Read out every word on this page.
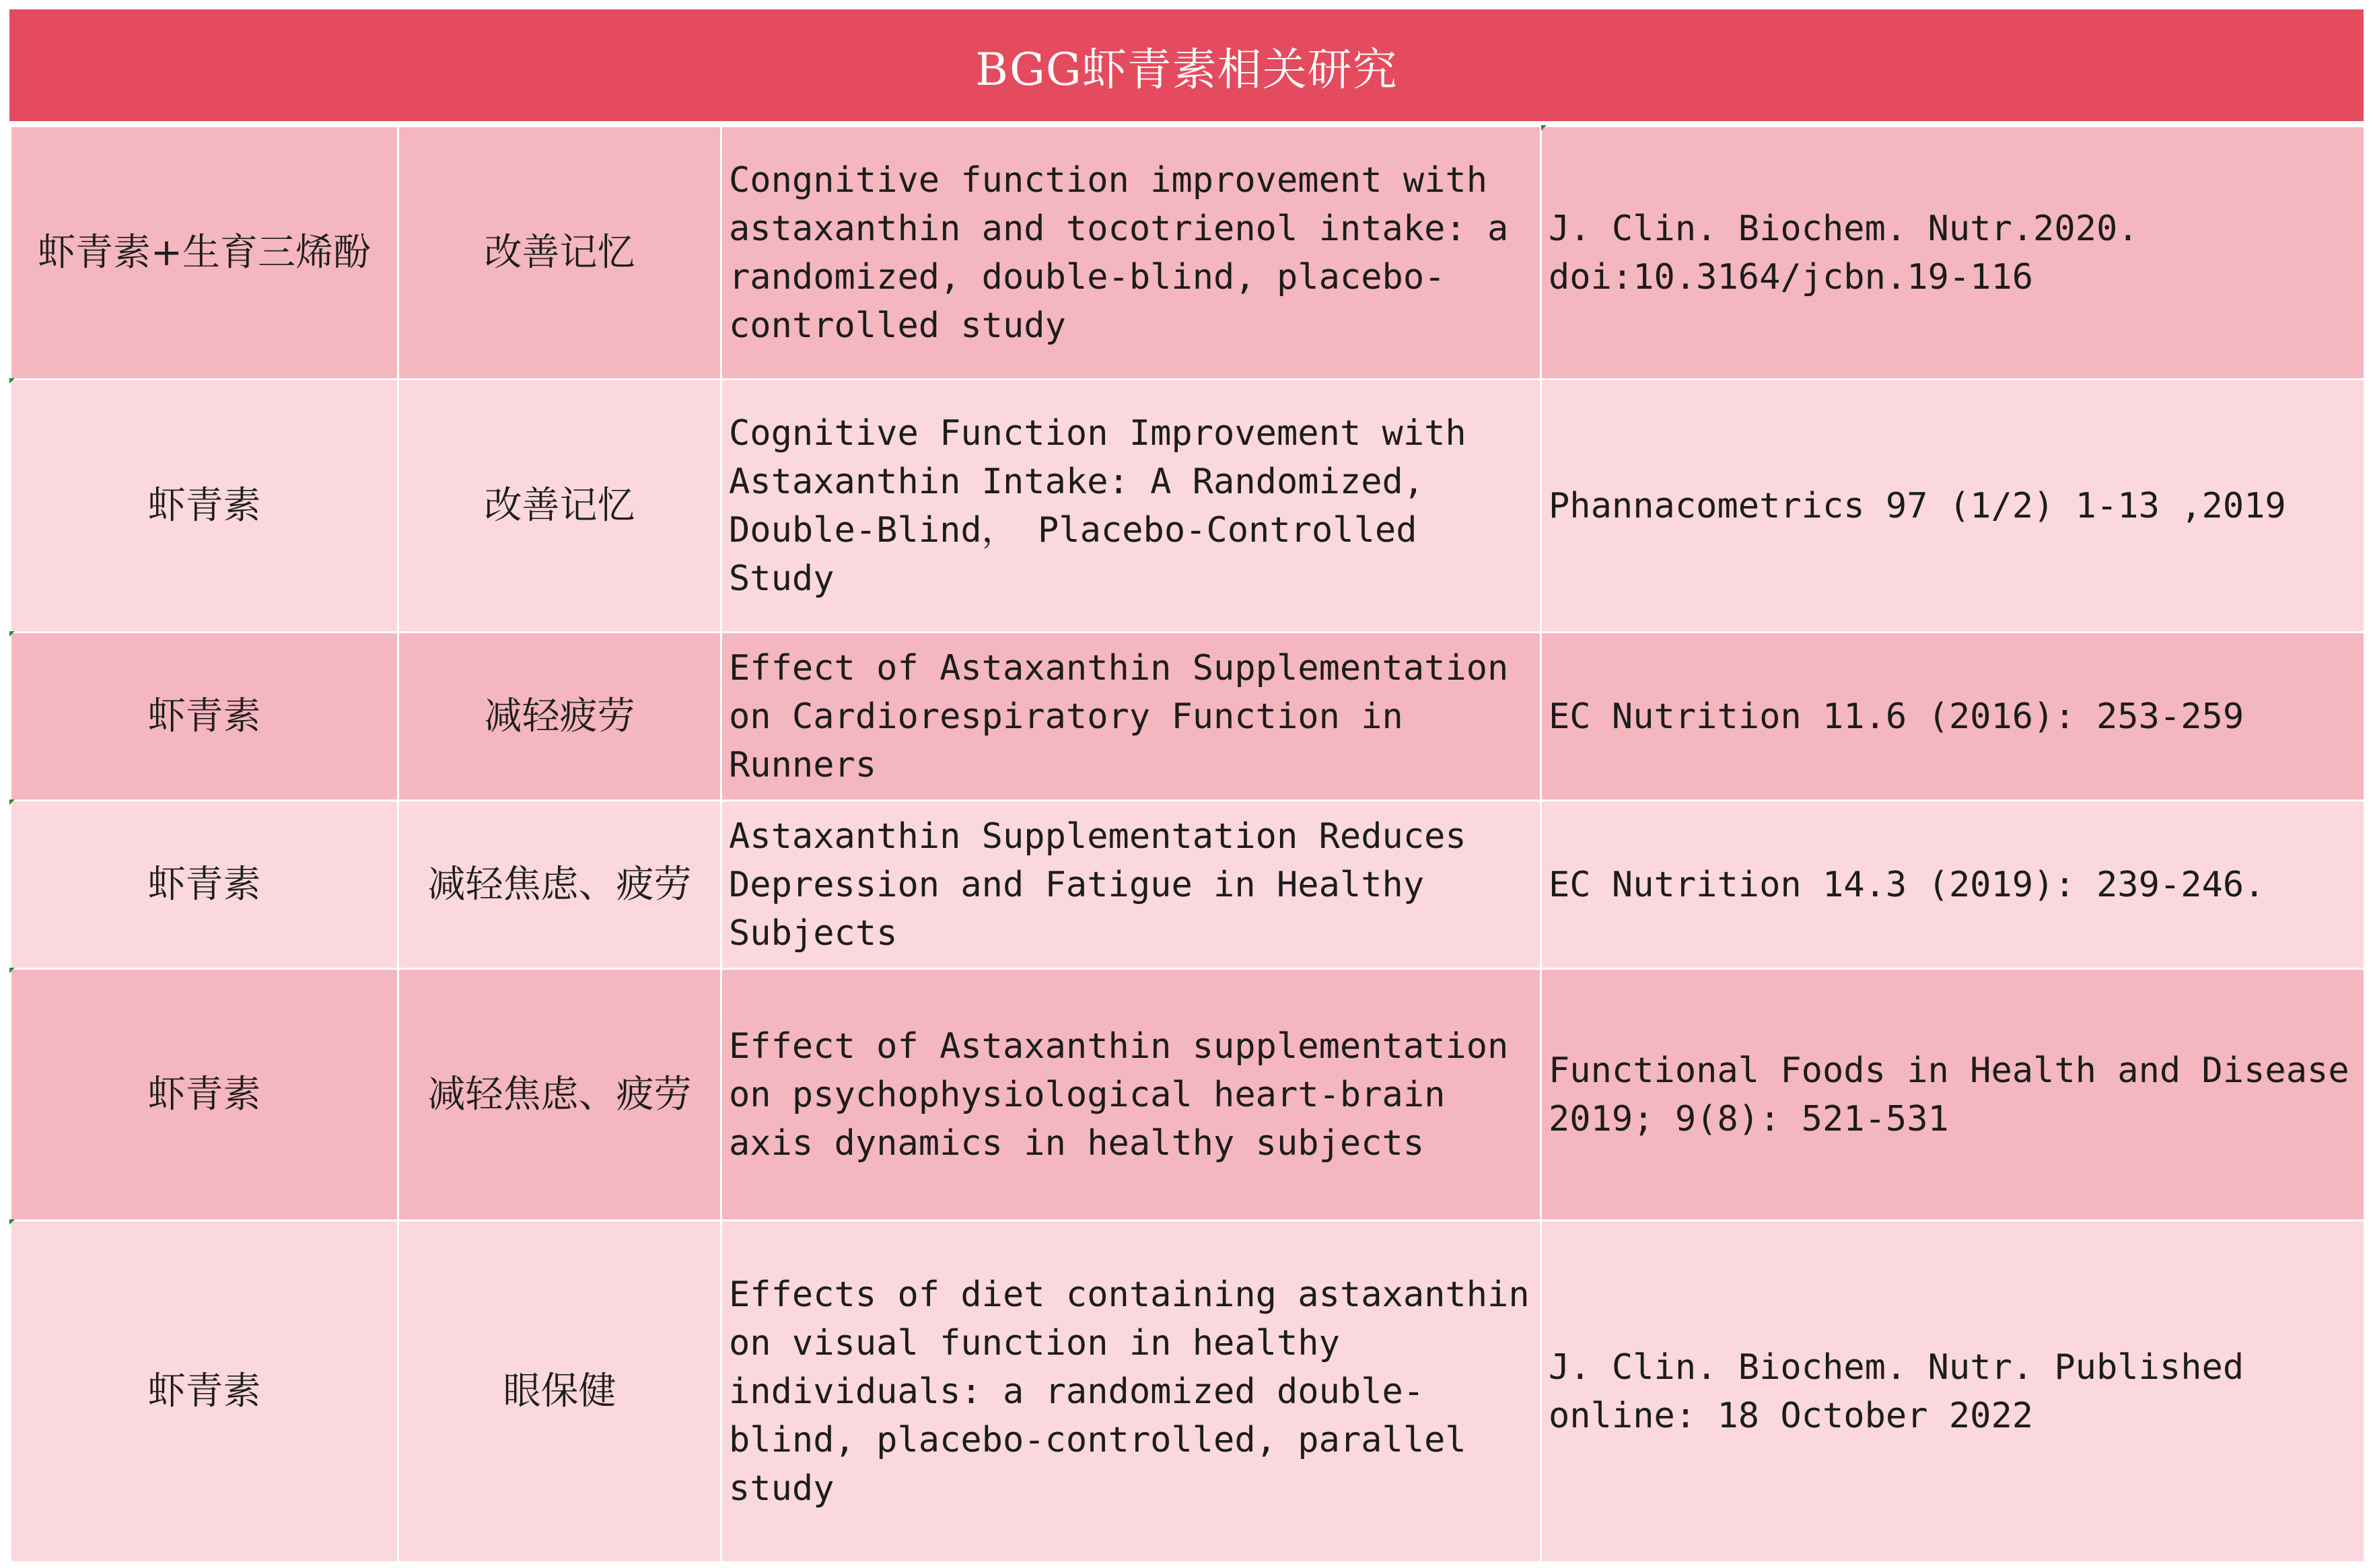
BGG虾青素相关研究
虾青素+生育三烯酚	改善记忆	Congnitive function improvement with astaxanthin and tocotrienol intake: a randomized, double-blind, placebo-controlled study	J. Clin. Biochem. Nutr.2020. doi:10.3164/jcbn.19-116

虾青素	改善记忆	Cognitive Function Improvement with Astaxanthin Intake: A Randomized, Double-Blind， Placebo-Controlled Study	Phannacometrics 97 (1/2) 1-13 ,2019

虾青素	减轻疲劳	Effect of Astaxanthin Supplementation on Cardiorespiratory Function in Runners	EC Nutrition 11.6 (2016): 253-259

虾青素	减轻焦虑、疲劳	Astaxanthin Supplementation Reduces Depression and Fatigue in Healthy Subjects	EC Nutrition 14.3 (2019): 239-246.

虾青素	减轻焦虑、疲劳	Effect of Astaxanthin supplementation on psychophysiological heart-brain axis dynamics in healthy subjects	Functional Foods in Health and Disease 2019; 9(8): 521-531

虾青素	眼保健	Effects of diet containing astaxanthin on visual function in healthy individuals: a randomized double-blind, placebo-controlled, parallel study	J. Clin. Biochem. Nutr. Published online: 18 October 2022
